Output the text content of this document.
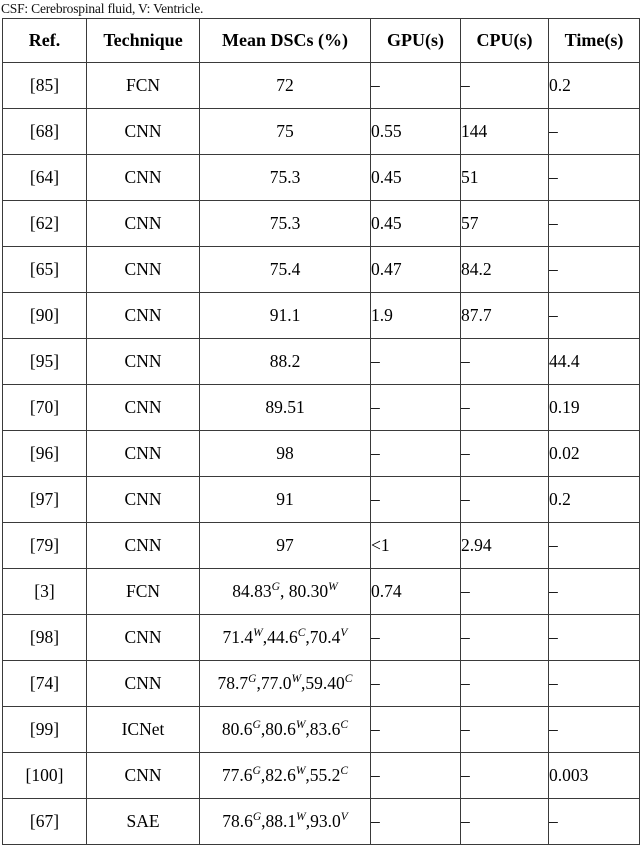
CSF: Cerebrospinal fluid, V: Ventricle.
Ref.	Technique	Mean DSCs (%)	GPU(s)	CPU(s)	Time(s)
[85]	FCN	72	–	–	0.2
[68]	CNN	75	0.55	144	–
[64]	CNN	75.3	0.45	51	–
[62]	CNN	75.3	0.45	57	–
[65]	CNN	75.4	0.47	84.2	–
[90]	CNN	91.1	1.9	87.7	–
[95]	CNN	88.2	–	–	44.4
[70]	CNN	89.51	–	–	0.19
[96]	CNN	98	–	–	0.02
[97]	CNN	91	–	–	0.2
[79]	CNN	97	<1	2.94	–
[3]	FCN	$84.83^G$, $80.30^W$	0.74	–	–
[98]	CNN	$71.4^W,44.6^C,70.4^V$	–	–	–
[74]	CNN	$78.7^G,77.0^W,59.40^C$	–	–	–
[99]	ICNet	$80.6^G,80.6^W,83.6^C$	–	–	–
[100]	CNN	$77.6^G,82.6^W,55.2^C$	–	–	0.003
[67]	SAE	$78.6^G,88.1^W,93.0^V$	–	–	–
